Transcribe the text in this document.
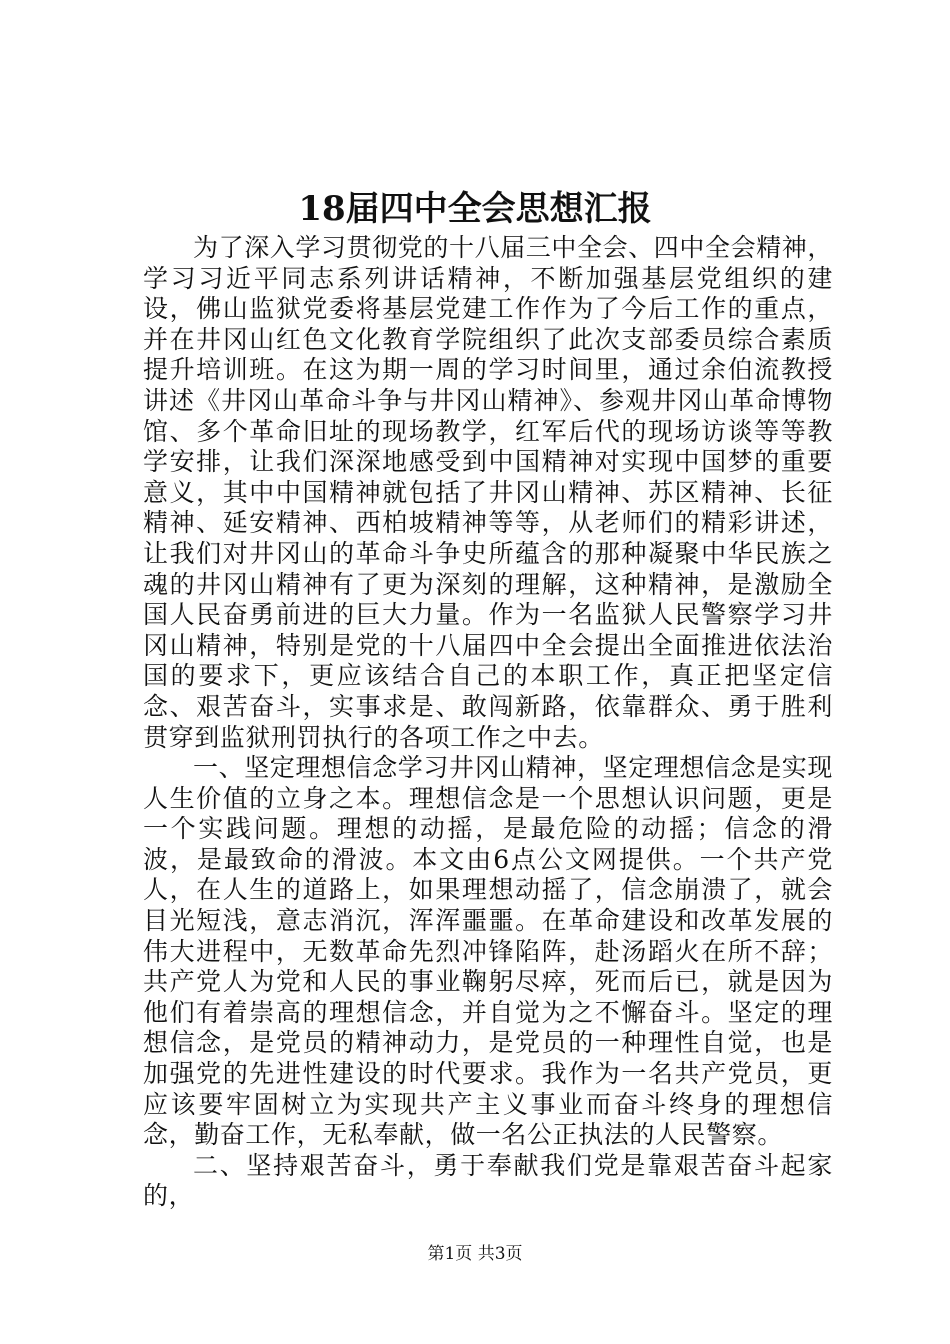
18届四中全会思想汇报

为了深入学习贯彻党的十八届三中全会、四中全会精神，学习习近平同志系列讲话精神，不断加强基层党组织的建设，佛山监狱党委将基层党建工作作为了今后工作的重点，并在井冈山红色文化教育学院组织了此次支部委员综合素质提升培训班。在这为期一周的学习时间里，通过余伯流教授讲述《井冈山革命斗争与井冈山精神》、参观井冈山革命博物馆、多个革命旧址的现场教学，红军后代的现场访谈等等教学安排，让我们深深地感受到中国精神对实现中国梦的重要意义，其中中国精神就包括了井冈山精神、苏区精神、长征精神、延安精神、西柏坡精神等等，从老师们的精彩讲述，让我们对井冈山的革命斗争史所蕴含的那种凝聚中华民族之魂的井冈山精神有了更为深刻的理解，这种精神，是激励全国人民奋勇前进的巨大力量。作为一名监狱人民警察学习井冈山精神，特别是党的十八届四中全会提出全面推进依法治国的要求下，更应该结合自己的本职工作，真正把坚定信念、艰苦奋斗，实事求是、敢闯新路，依靠群众、勇于胜利贯穿到监狱刑罚执行的各项工作之中去。

一、坚定理想信念学习井冈山精神，坚定理想信念是实现人生价值的立身之本。理想信念是一个思想认识问题，更是一个实践问题。理想的动摇，是最危险的动摇；信念的滑波，是最致命的滑波。本文由6点公文网提供。一个共产党人，在人生的道路上，如果理想动摇了，信念崩溃了，就会目光短浅，意志消沉，浑浑噩噩。在革命建设和改革发展的伟大进程中，无数革命先烈冲锋陷阵，赴汤蹈火在所不辞；共产党人为党和人民的事业鞠躬尽瘁，死而后已，就是因为他们有着崇高的理想信念，并自觉为之不懈奋斗。坚定的理想信念，是党员的精神动力，是党员的一种理性自觉，也是加强党的先进性建设的时代要求。我作为一名共产党员，更应该要牢固树立为实现共产主义事业而奋斗终身的理想信念，勤奋工作，无私奉献，做一名公正执法的人民警察。

二、坚持艰苦奋斗，勇于奉献我们党是靠艰苦奋斗起家的，

第1页 共3页
